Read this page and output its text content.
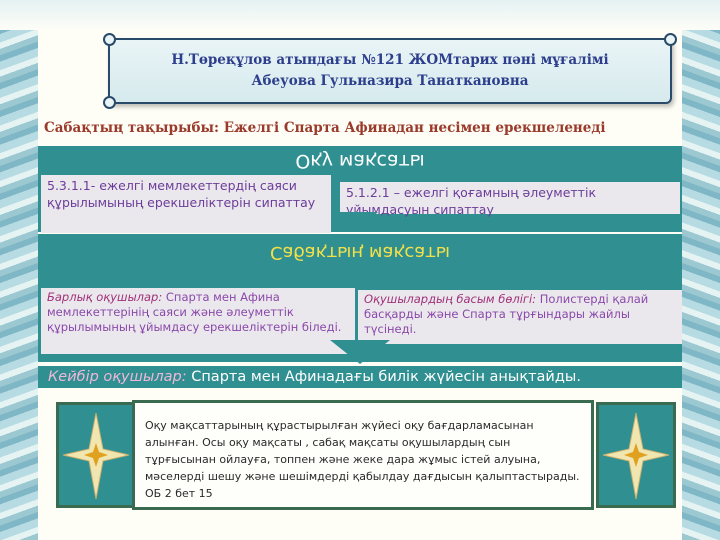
Н.Төреқұлов атындағы №121 ЖОМтарих пәні мұғалімі
Абеуова Гульназира Танаткановна
Сабақтың тақырыбы: Ежелгі Спарта Афинадан несімен ерекшеленеді
Оқу мақсаты
5.3.1.1- ежелгі мемлекеттердің саяси құрылымының ерекшеліктерін сипаттау
5.1.2.1 – ежелгі қоғамның әлеуметтік ұйымдасуын сипаттау
Сабақтың мақсаты
Барлық оқушылар: Спарта мен Афина мемлекеттерінің саяси және әлеуметтік құрылымының ұйымдасу ерекшеліктерін біледі.
Оқушылардың басым бөлігі: Полистерді қалай басқарды және Спарта тұрғындары жайлы түсінеді.
Кейбір оқушылар: Спарта мен Афинадағы билік жүйесін анықтайды.
Оқу мақсаттарының құрастырылған жүйесі оқу бағдарламасынан алынған. Осы оқу мақсаты , сабақ мақсаты оқушылардың сын тұрғысынан ойлауға, топпен және жеке дара жұмыс істей алуына, мәселерді шешу және шешімдерді қабылдау дағдысын қалыптастырады. ОБ 2 бет 15
